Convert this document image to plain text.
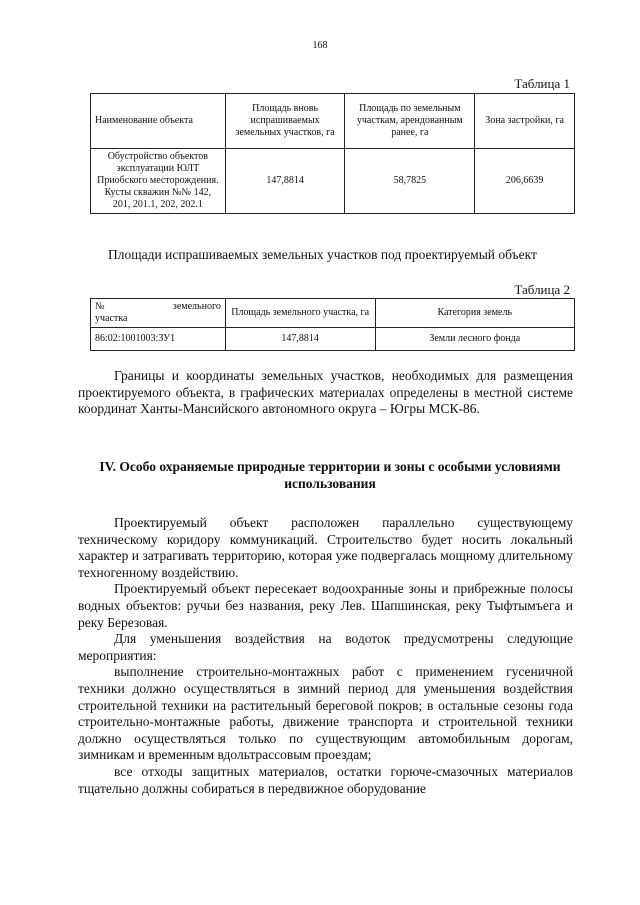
168
Таблица 1
Наименование объекта	Площадь вновь испрашиваемых земельных участков, га	Площадь по земельным участкам, арендованным ранее, га	Зона застройки, га
Обустройство объектов эксплуатации ЮЛТ Приобского месторождения. Кусты скважин №№ 142, 201, 201.1, 202, 202.1	147,8814	58,7825	206,6639
Площади испрашиваемых земельных участков под проектируемый объект
Таблица 2
№ земельного
участка	Площадь земельного участка, га	Категория земель
86:02:1001003:ЗУ1	147,8814	Земли лесного фонда

Границы и координаты земельных участков, необходимых для размещения проектируемого объекта, в графических материалах определены в местной системе координат Ханты-Мансийского автономного округа – Югры МСК-86.

IV. Особо охраняемые природные территории и зоны с особыми условиями использования

Проектируемый объект расположен параллельно существующему техническому коридору коммуникаций. Строительство будет носить локальный характер и затрагивать территорию, которая уже подвергалась мощному длительному техногенному воздействию.

Проектируемый объект пересекает водоохранные зоны и прибрежные полосы водных объектов: ручьи без названия, реку Лев. Шапшинская, реку Тыфтымъега и реку Березовая.

Для уменьшения воздействия на водоток предусмотрены следующие мероприятия:

выполнение строительно-монтажных работ с применением гусеничной техники должно осуществляться в зимний период для уменьшения воздействия строительной техники на растительный береговой покров; в остальные сезоны года строительно-монтажные работы, движение транспорта и строительной техники должно осуществляться только по существующим автомобильным дорогам, зимникам и временным вдольтрассовым проездам;

все отходы защитных материалов, остатки горюче-смазочных материалов тщательно должны собираться в передвижное оборудование
